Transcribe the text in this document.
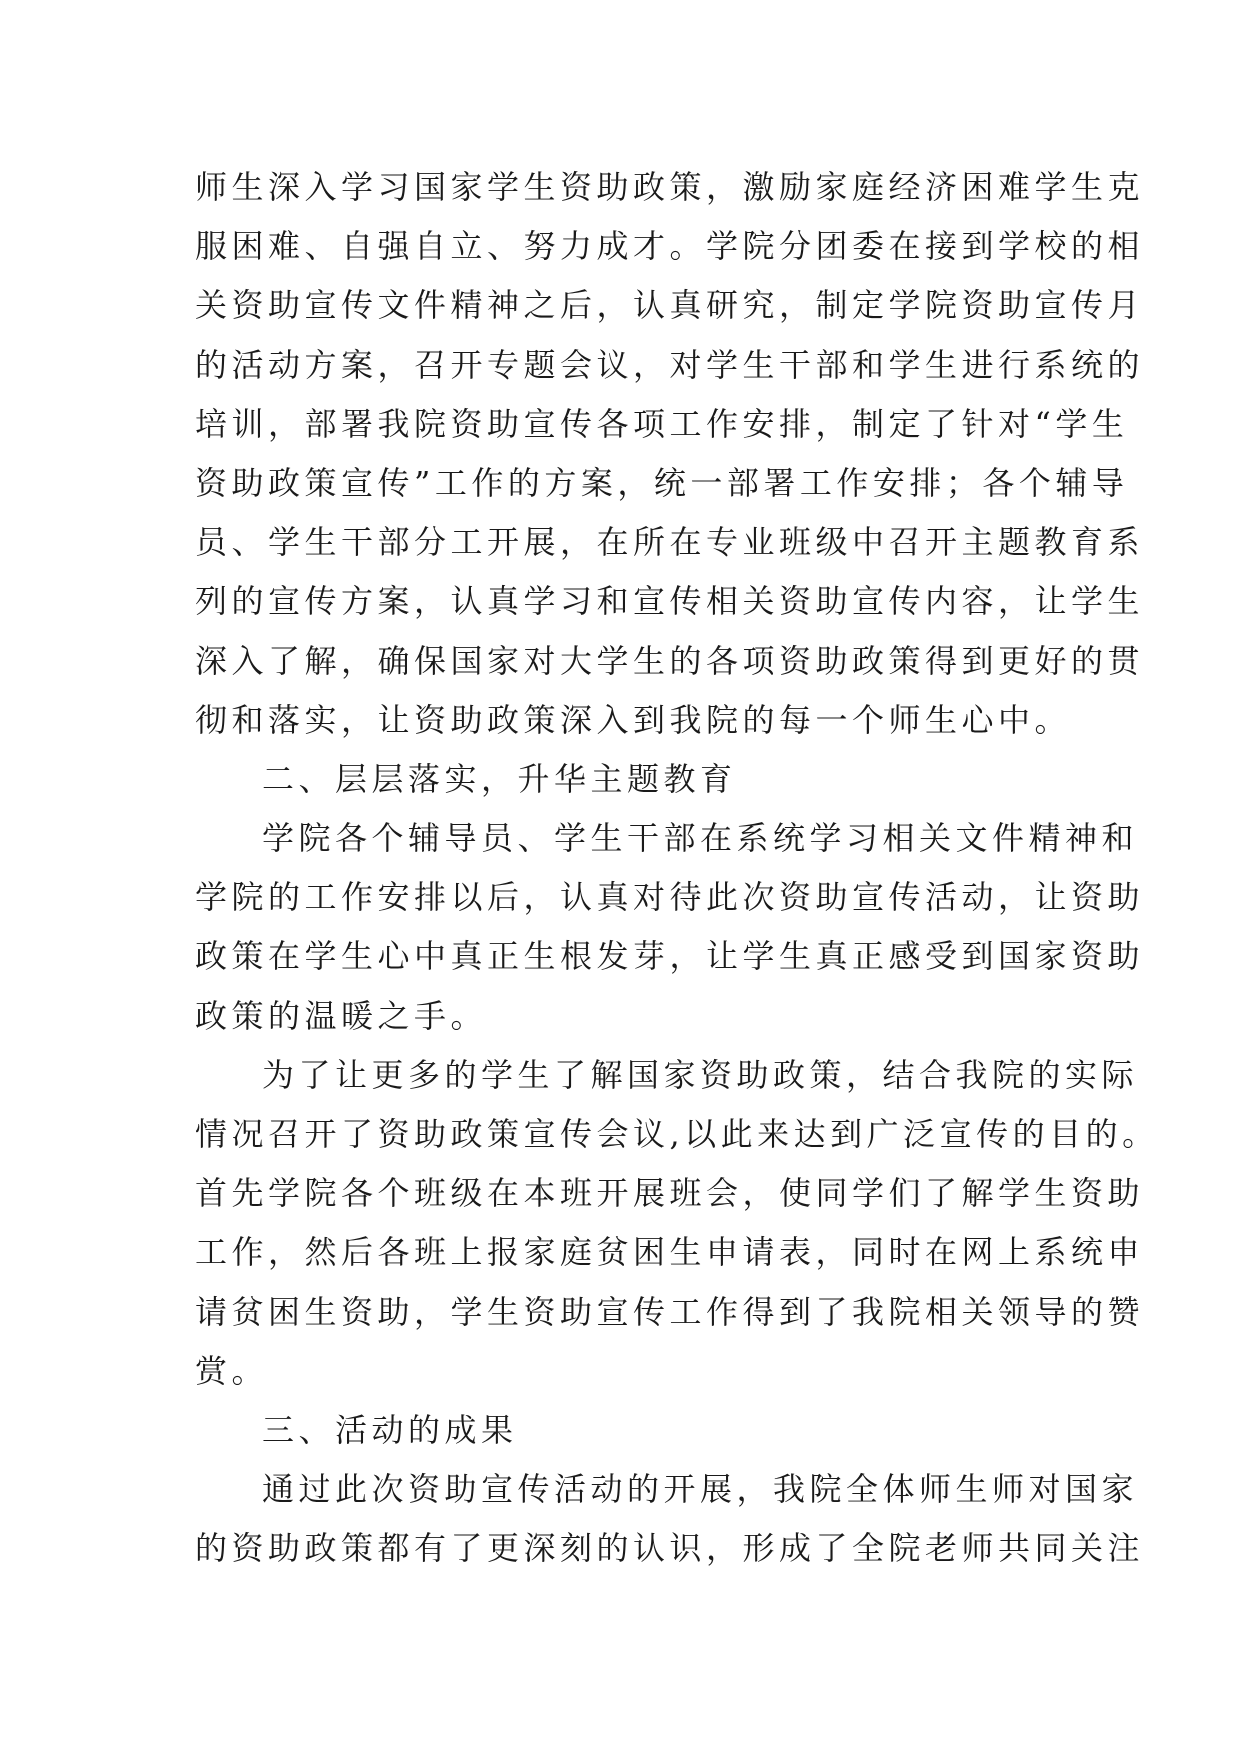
师生深入学习国家学生资助政策，激励家庭经济困难学生克
服困难、自强自立、努力成才。学院分团委在接到学校的相
关资助宣传文件精神之后，认真研究，制定学院资助宣传月
的活动方案，召开专题会议，对学生干部和学生进行系统的
培训，部署我院资助宣传各项工作安排，制定了针对“学生
资助政策宣传”工作的方案，统一部署工作安排；各个辅导
员、学生干部分工开展，在所在专业班级中召开主题教育系
列的宣传方案，认真学习和宣传相关资助宣传内容，让学生
深入了解，确保国家对大学生的各项资助政策得到更好的贯
彻和落实，让资助政策深入到我院的每一个师生心中。
二、层层落实，升华主题教育
学院各个辅导员、学生干部在系统学习相关文件精神和
学院的工作安排以后，认真对待此次资助宣传活动，让资助
政策在学生心中真正生根发芽，让学生真正感受到国家资助
政策的温暖之手。
为了让更多的学生了解国家资助政策，结合我院的实际
情况召开了资助政策宣传会议,以此来达到广泛宣传的目的。
首先学院各个班级在本班开展班会，使同学们了解学生资助
工作，然后各班上报家庭贫困生申请表，同时在网上系统申
请贫困生资助，学生资助宣传工作得到了我院相关领导的赞
赏。
三、活动的成果
通过此次资助宣传活动的开展，我院全体师生师对国家
的资助政策都有了更深刻的认识，形成了全院老师共同关注
